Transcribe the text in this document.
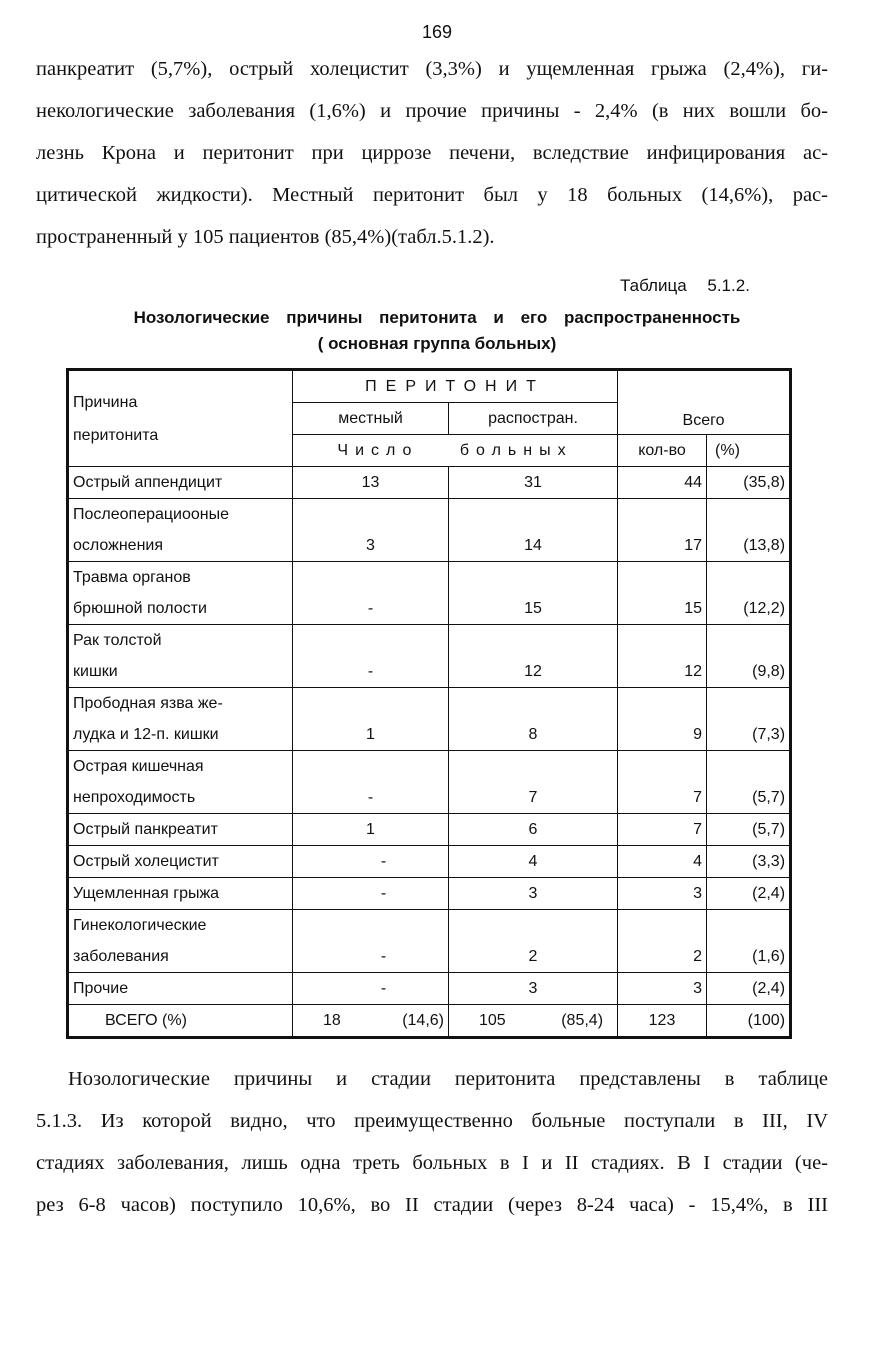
169

панкреатит (5,7%), острый холецистит (3,3%) и ущемленная грыжа (2,4%), ги-
некологические заболевания (1,6%) и прочие причины - 2,4% (в них вошли бо-
лезнь Крона и перитонит при циррозе печени, вследствие инфицирования ас-
цитической жидкости). Местный перитонит был у 18 больных (14,6%), рас-
пространенный у 105 пациентов (85,4%)(табл.5.1.2).

Таблица 5.1.2.
Нозологические причины перитонита и его распространенность
( основная группа больных)
Причина
перитонита	ПЕРИТОНИТ		Всего	
	местный	распостран.		
	Число больных		кол-во	(%)

Острый аппендицит	13	31	44	(35,8)

Послеоперациооные
осложнения	3	14	17	(13,8)

Травма органов
брюшной полости	-	15	15	(12,2)

Рак толстой
кишки	-	12	12	(9,8)

Прободная язва же-
лудка и 12-п. кишки	1	8	9	(7,3)

Острая кишечная
непроходимость	-	7	7	(5,7)

Острый панкреатит	1	6	7	(5,7)

Острый холецистит	-	4	4	(3,3)

Ущемленная грыжа	-	3	3	(2,4)

Гинекологические
заболевания	-	2	2	(1,6)

Прочие	-	3	3	(2,4)
ВСЕГО (%)	18 (14,6)	105 (85,4)	123	(100)

Нозологические причины и стадии перитонита представлены в таблице
5.1.3. Из которой видно, что преимущественно больные поступали в III, IV
стадиях заболевания, лишь одна треть больных в I и II стадиях. В I стадии (че-
рез 6-8 часов) поступило 10,6%, во II стадии (через 8-24 часа) - 15,4%, в III
